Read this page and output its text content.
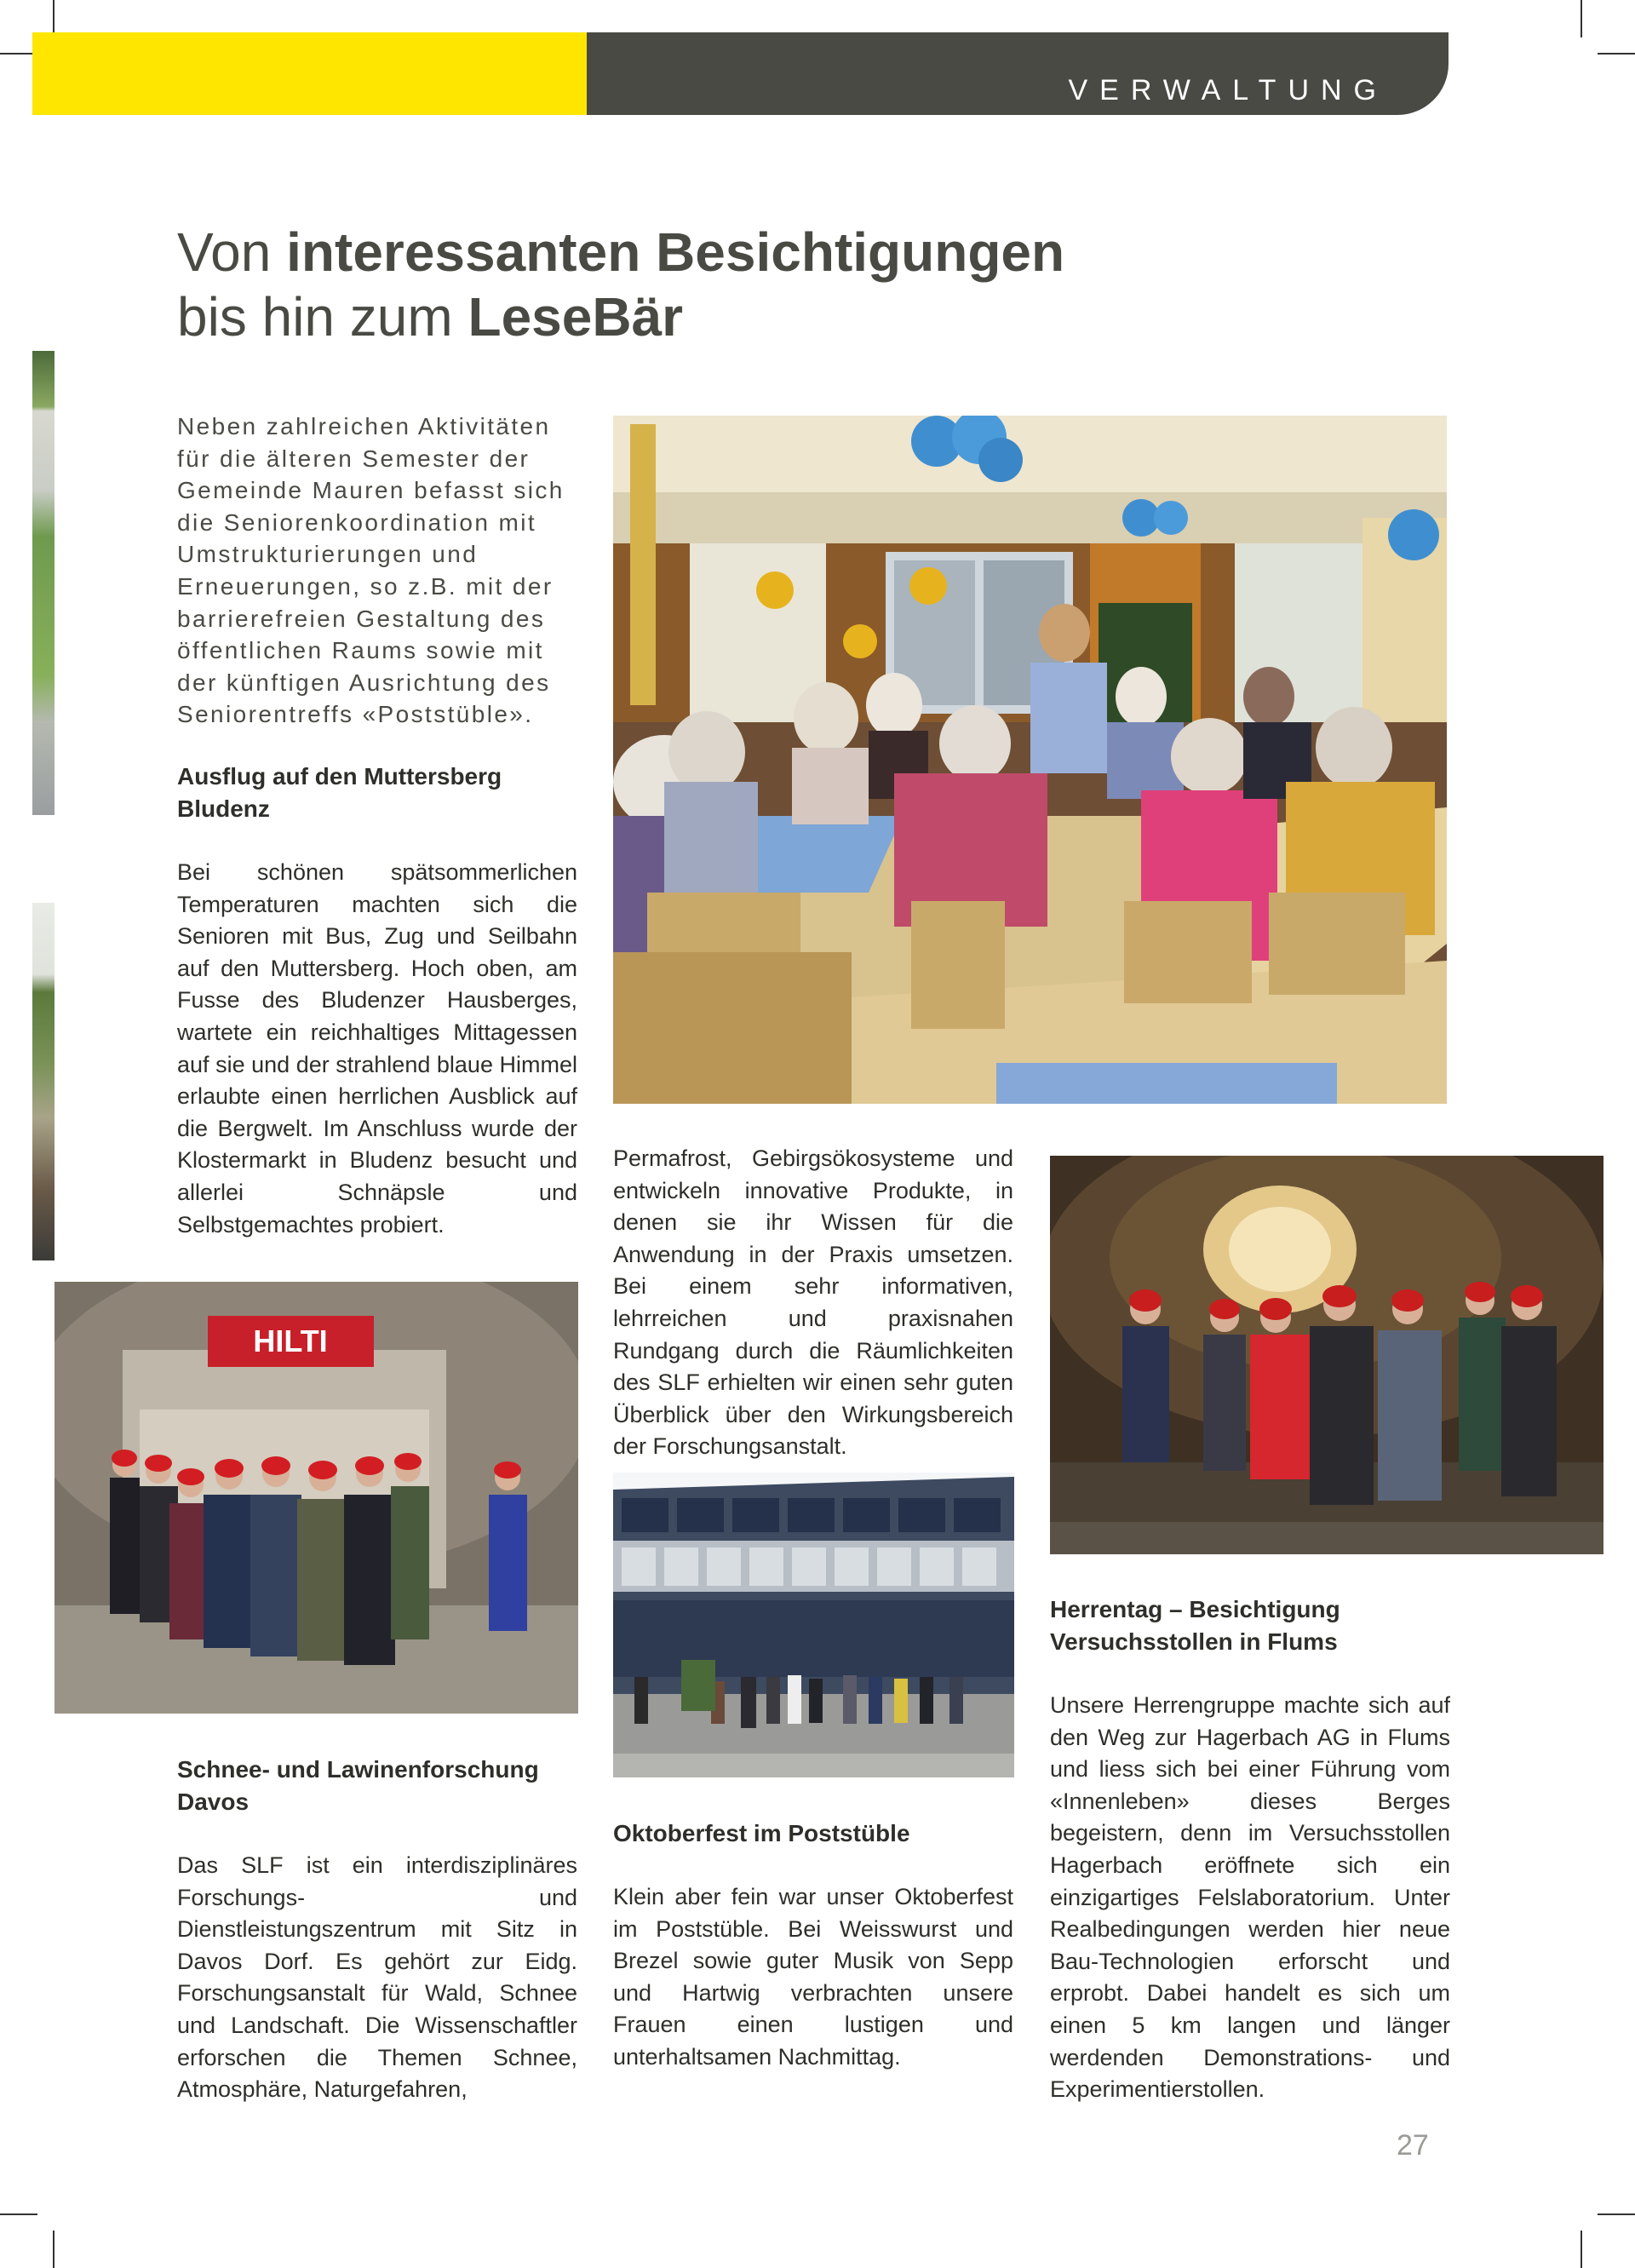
VERWALTUNG
Von interessanten Besichtigungen
bis hin zum LeseBär
Neben zahlreichen Aktivitäten für die älteren Semester der Gemeinde Mauren befasst sich die Seniorenkoordination mit Umstrukturierungen und Erneuerungen, so z.B. mit der barrierefreien Gestaltung des öffentlichen Raums sowie mit der künftigen Ausrichtung des Seniorentreffs «Poststüble».
Ausflug auf den Muttersberg Bludenz
Bei schönen spätsommerlichen Temperaturen machten sich die Senioren mit Bus, Zug und Seilbahn auf den Muttersberg. Hoch oben, am Fusse des Bludenzer Hausberges, wartete ein reichhaltiges Mittagessen auf sie und der strahlend blaue Himmel erlaubte einen herrlichen Ausblick auf die Bergwelt. Im Anschluss wurde der Klostermarkt in Bludenz besucht und allerlei Schnäpsle und Selbstgemachtes probiert.
Permafrost, Gebirgsökosysteme und entwickeln innovative Produkte, in denen sie ihr Wissen für die Anwendung in der Praxis umsetzen. Bei einem sehr informativen, lehrreichen und praxisnahen Rundgang durch die Räumlichkeiten des SLF erhielten wir einen sehr guten Überblick über den Wirkungsbereich der Forschungsanstalt.
Herrentag – Besichtigung Versuchsstollen in Flums
Unsere Herrengruppe machte sich auf den Weg zur Hagerbach AG in Flums und liess sich bei einer Führung vom «Innenleben» dieses Berges begeistern, denn im Versuchsstollen Hagerbach eröffnete sich ein einzigartiges Felslaboratorium. Unter Realbedingungen werden hier neue Bau-Technologien erforscht und erprobt. Dabei handelt es sich um einen 5 km langen und länger werdenden Demonstrations- und Experimentierstollen.
HILTI
Schnee- und Lawinenforschung Davos
Das SLF ist ein interdisziplinäres Forschungs- und Dienstleistungszentrum mit Sitz in Davos Dorf. Es gehört zur Eidg. Forschungsanstalt für Wald, Schnee und Landschaft. Die Wissenschaftler erforschen die Themen Schnee, Atmosphäre, Naturgefahren,
Oktoberfest im Poststüble
Klein aber fein war unser Oktoberfest im Poststüble. Bei Weisswurst und Brezel sowie guter Musik von Sepp und Hartwig verbrachten unsere Frauen einen lustigen und unterhaltsamen Nachmittag.
27
